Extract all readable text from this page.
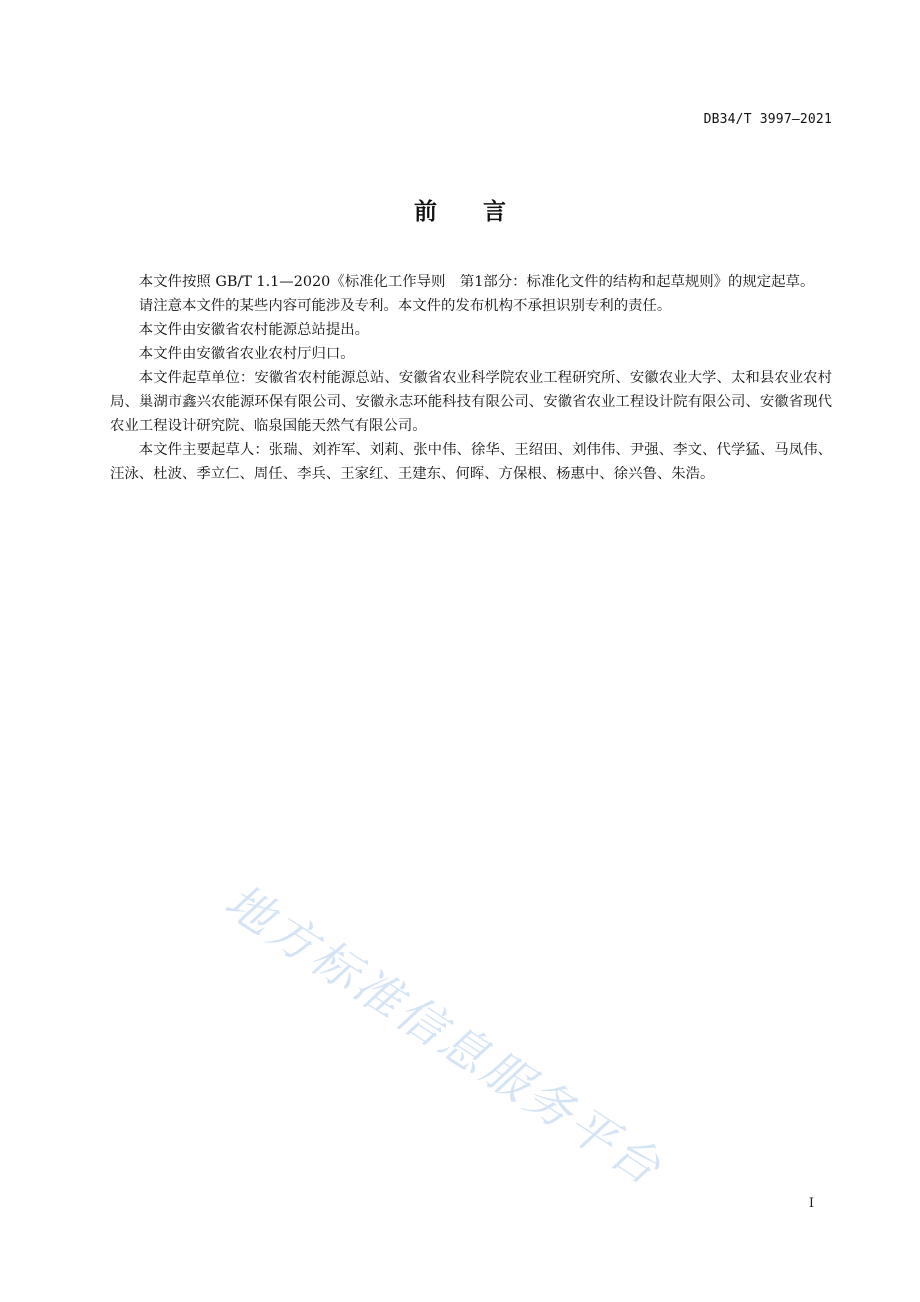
DB34/T 3997—2021
前 言

本文件按照 GB/T 1.1—2020《标准化工作导则　第1部分：标准化文件的结构和起草规则》的规定起草。

请注意本文件的某些内容可能涉及专利。本文件的发布机构不承担识别专利的责任。

本文件由安徽省农村能源总站提出。

本文件由安徽省农业农村厅归口。

本文件起草单位：安徽省农村能源总站、安徽省农业科学院农业工程研究所、安徽农业大学、太和县农业农村局、巢湖市鑫兴农能源环保有限公司、安徽永志环能科技有限公司、安徽省农业工程设计院有限公司、安徽省现代农业工程设计研究院、临泉国能天然气有限公司。

本文件主要起草人：张瑞、刘祚军、刘莉、张中伟、徐华、王绍田、刘伟伟、尹强、李文、代学猛、马凤伟、汪泳、杜波、季立仁、周任、李兵、王家红、王建东、何晖、方保根、杨惠中、徐兴鲁、朱浩。

地方标准信息服务平台
I
